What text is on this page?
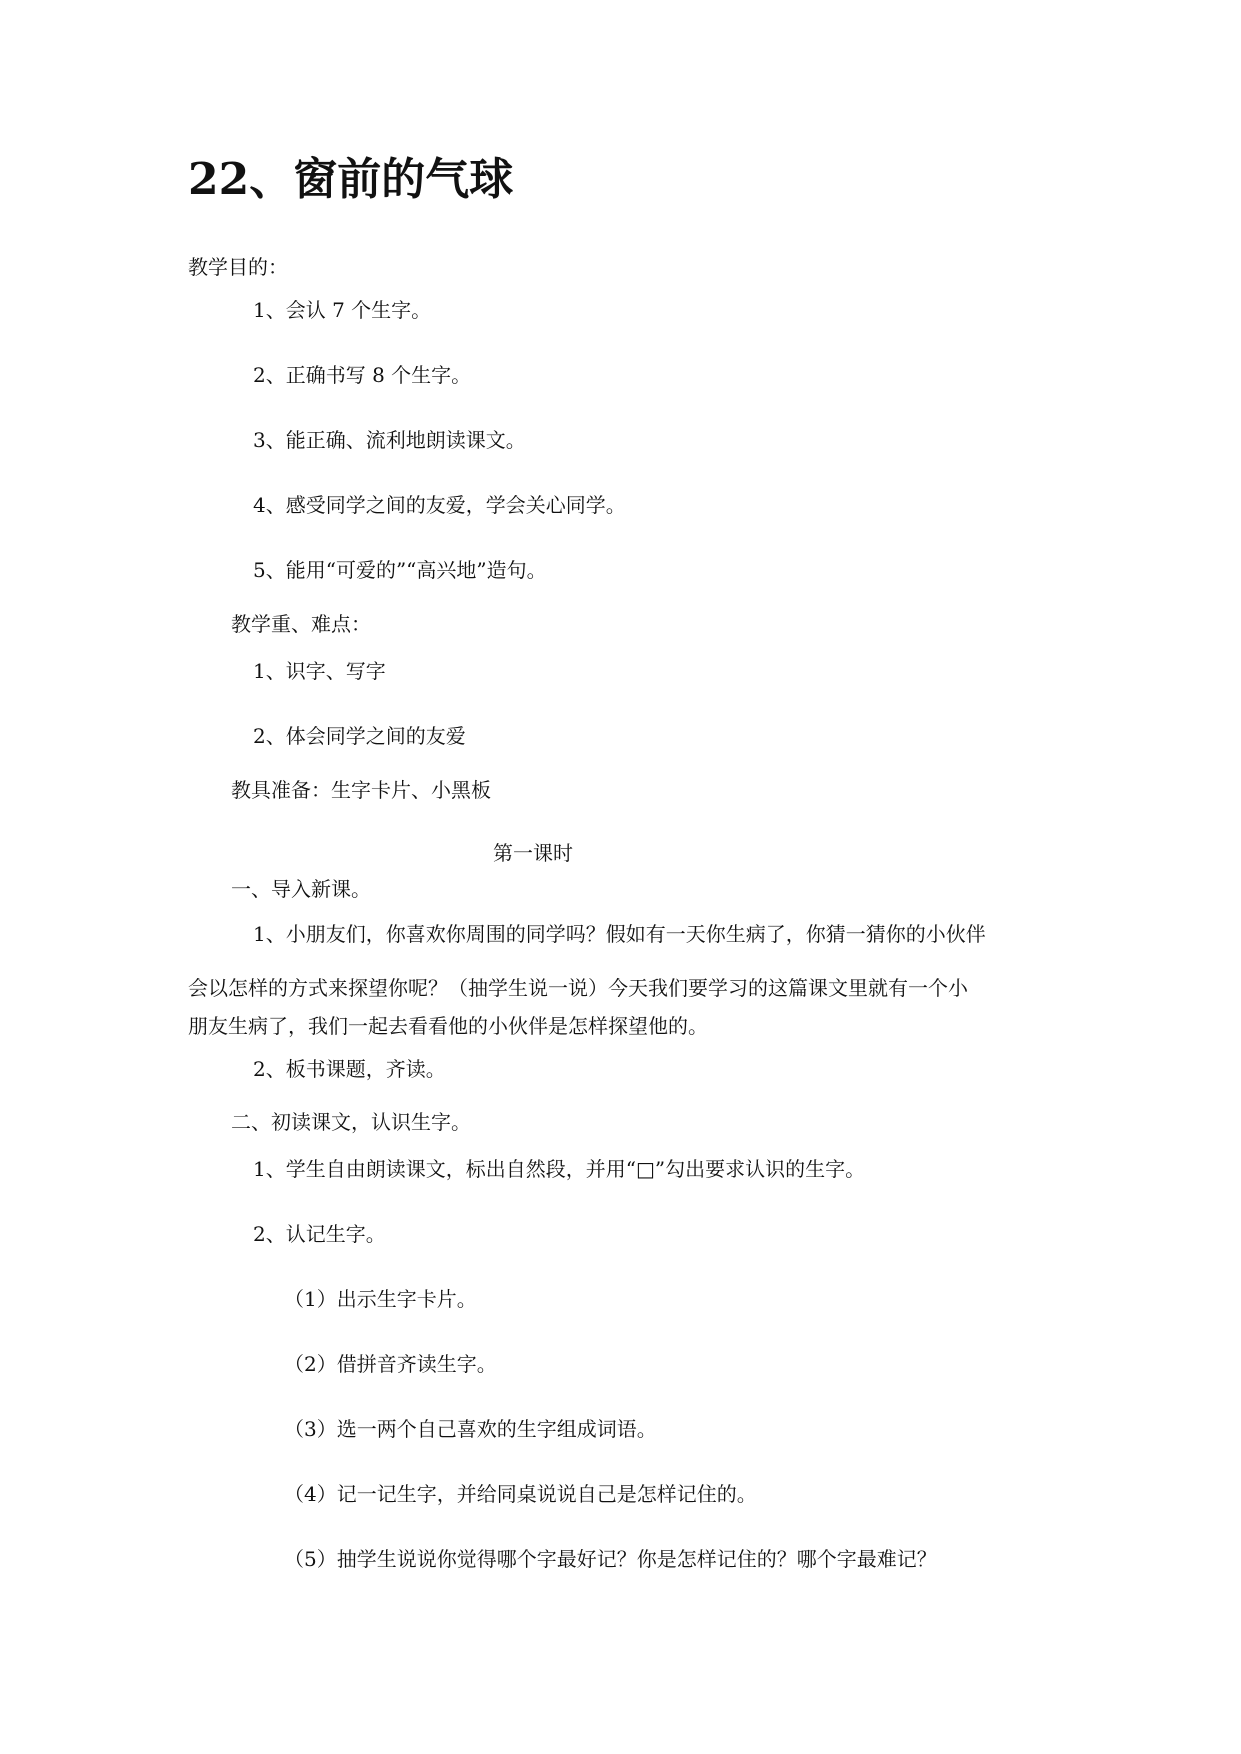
22、窗前的气球
教学目的：
1、会认 7 个生字。
2、正确书写 8 个生字。
3、能正确、流利地朗读课文。
4、感受同学之间的友爱，学会关心同学。
5、能用“可爱的”“高兴地”造句。
教学重、难点：
1、识字、写字
2、体会同学之间的友爱
教具准备：生字卡片、小黑板
第一课时
一、导入新课。
1、小朋友们，你喜欢你周围的同学吗？假如有一天你生病了，你猜一猜你的小伙伴
会以怎样的方式来探望你呢？（抽学生说一说）今天我们要学习的这篇课文里就有一个小
朋友生病了，我们一起去看看他的小伙伴是怎样探望他的。
2、板书课题，齐读。
二、初读课文，认识生字。
1、学生自由朗读课文，标出自然段，并用“□”勾出要求认识的生字。
2、认记生字。
（1）出示生字卡片。
（2）借拼音齐读生字。
（3）选一两个自己喜欢的生字组成词语。
（4）记一记生字，并给同桌说说自己是怎样记住的。
（5）抽学生说说你觉得哪个字最好记？你是怎样记住的？哪个字最难记？
